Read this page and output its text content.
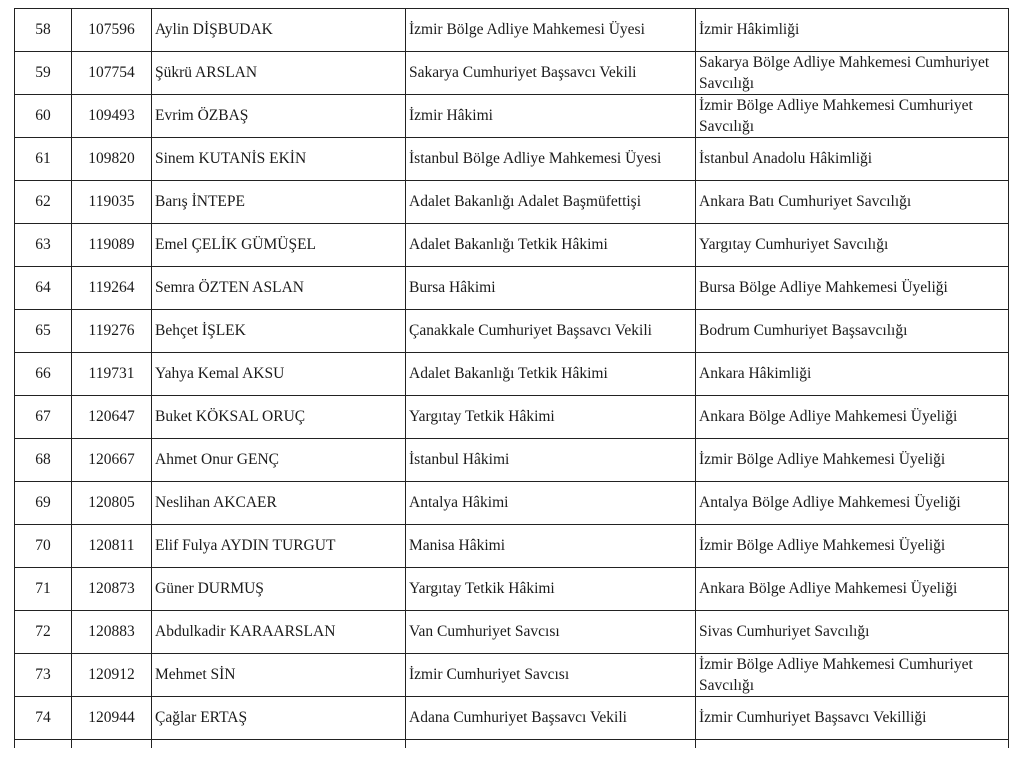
58	107596	Aylin DİŞBUDAK	İzmir Bölge Adliye Mahkemesi Üyesi	İzmir Hâkimliği
59	107754	Şükrü ARSLAN	Sakarya Cumhuriyet Başsavcı Vekili	Sakarya Bölge Adliye Mahkemesi Cumhuriyet Savcılığı
60	109493	Evrim ÖZBAŞ	İzmir Hâkimi	İzmir Bölge Adliye Mahkemesi Cumhuriyet Savcılığı
61	109820	Sinem KUTANİS EKİN	İstanbul Bölge Adliye Mahkemesi Üyesi	İstanbul Anadolu Hâkimliği
62	119035	Barış İNTEPE	Adalet Bakanlığı Adalet Başmüfettişi	Ankara Batı Cumhuriyet Savcılığı
63	119089	Emel ÇELİK GÜMÜŞEL	Adalet Bakanlığı Tetkik Hâkimi	Yargıtay Cumhuriyet Savcılığı
64	119264	Semra ÖZTEN ASLAN	Bursa Hâkimi	Bursa Bölge Adliye Mahkemesi Üyeliği
65	119276	Behçet İŞLEK	Çanakkale Cumhuriyet Başsavcı Vekili	Bodrum Cumhuriyet Başsavcılığı
66	119731	Yahya Kemal AKSU	Adalet Bakanlığı Tetkik Hâkimi	Ankara Hâkimliği
67	120647	Buket KÖKSAL ORUÇ	Yargıtay Tetkik Hâkimi	Ankara Bölge Adliye Mahkemesi Üyeliği
68	120667	Ahmet Onur GENÇ	İstanbul Hâkimi	İzmir Bölge Adliye Mahkemesi Üyeliği
69	120805	Neslihan AKCAER	Antalya Hâkimi	Antalya Bölge Adliye Mahkemesi Üyeliği
70	120811	Elif Fulya AYDIN TURGUT	Manisa Hâkimi	İzmir Bölge Adliye Mahkemesi Üyeliği
71	120873	Güner DURMUŞ	Yargıtay Tetkik Hâkimi	Ankara Bölge Adliye Mahkemesi Üyeliği
72	120883	Abdulkadir KARAARSLAN	Van Cumhuriyet Savcısı	Sivas Cumhuriyet Savcılığı
73	120912	Mehmet SİN	İzmir Cumhuriyet Savcısı	İzmir Bölge Adliye Mahkemesi Cumhuriyet Savcılığı
74	120944	Çağlar ERTAŞ	Adana Cumhuriyet Başsavcı Vekili	İzmir Cumhuriyet Başsavcı Vekilliği
